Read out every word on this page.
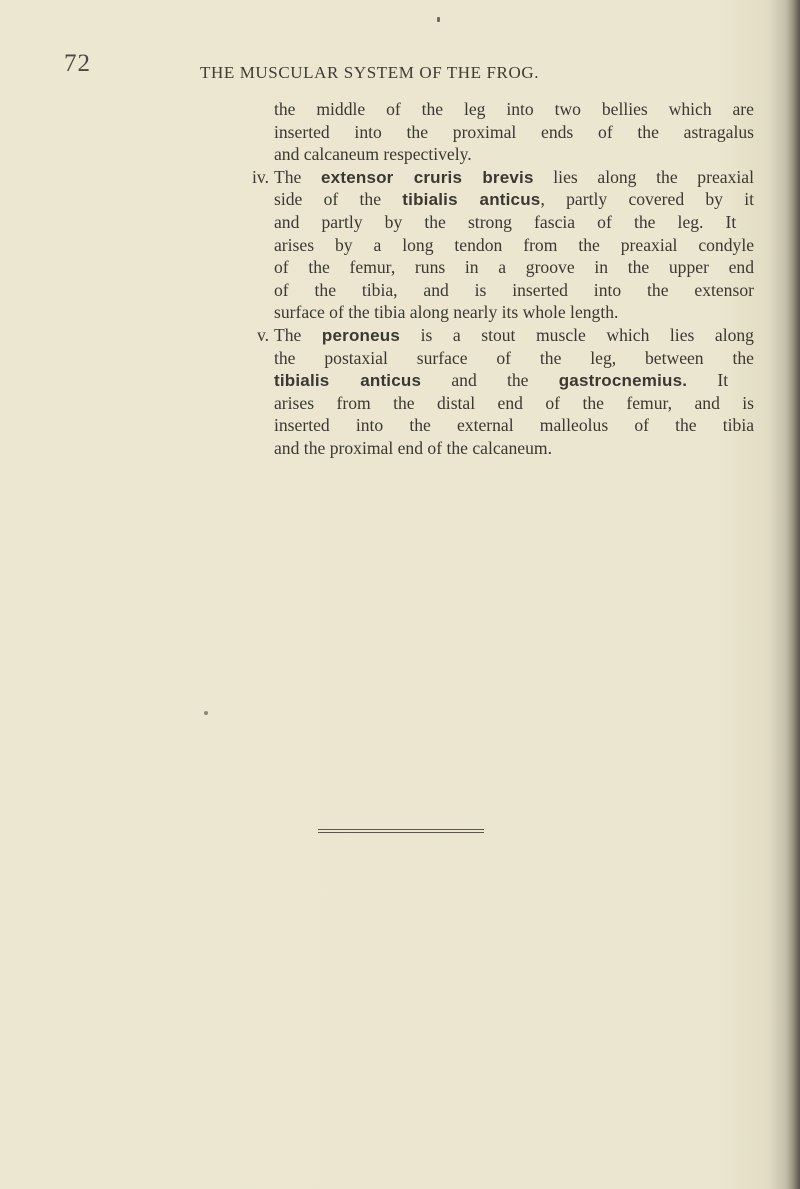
72	THE MUSCULAR SYSTEM OF THE FROG.
the middle of the leg into two bellies which are
inserted into the proximal ends of the astragalus
and calcaneum respectively.
iv. The extensor cruris brevis lies along the preaxial
side of the tibialis anticus, partly covered by it
and partly by the strong fascia of the leg. It
arises by a long tendon from the preaxial condyle
of the femur, runs in a groove in the upper end
of the tibia, and is inserted into the extensor
surface of the tibia along nearly its whole length.
v. The peroneus is a stout muscle which lies along
the postaxial surface of the leg, between the
tibialis anticus and the gastrocnemius. It
arises from the distal end of the femur, and is
inserted into the external malleolus of the tibia
and the proximal end of the calcaneum.
